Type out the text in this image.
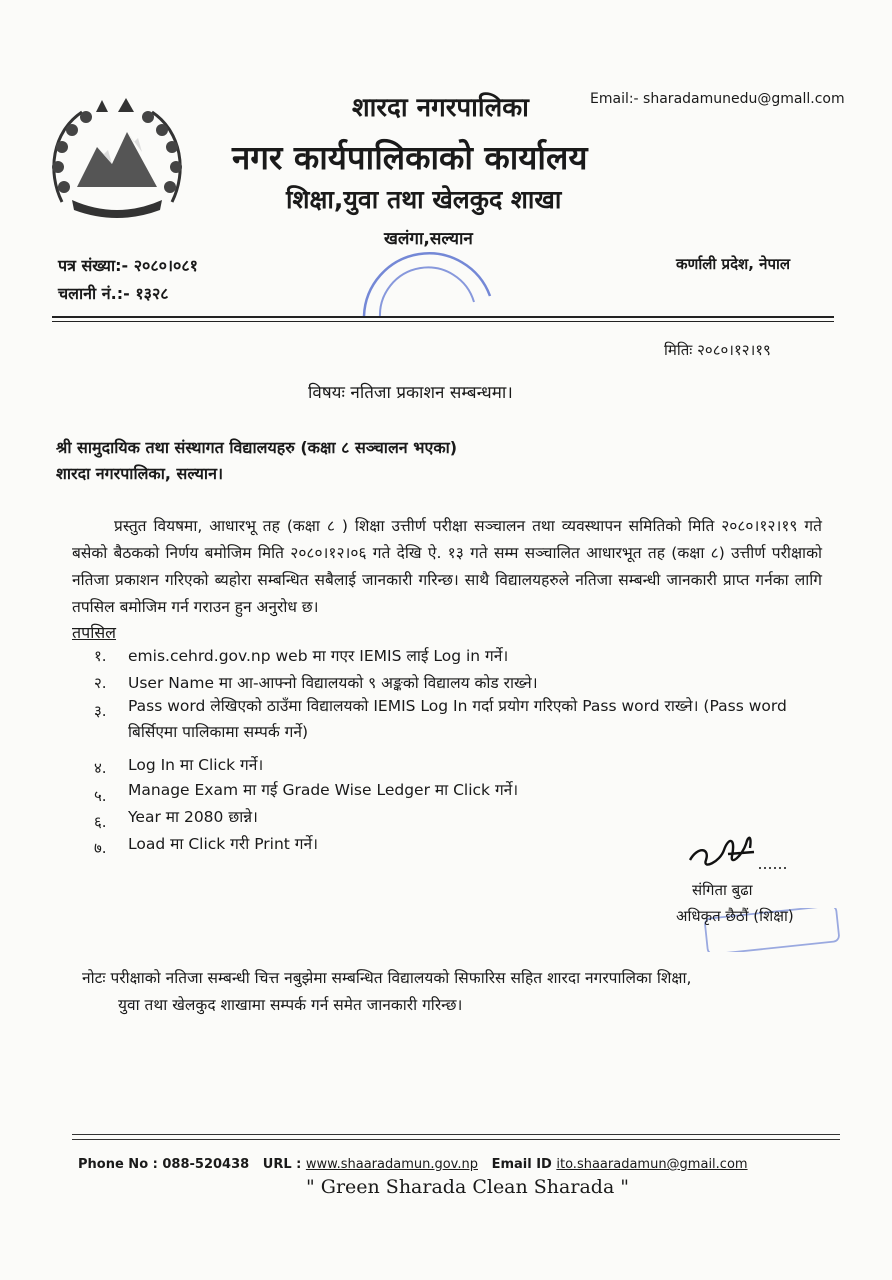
शारदा नगरपालिका	Email:- sharadamunedu@gmall.com
नगर कार्यपालिकाको कार्यालय
शिक्षा,युवा तथा खेलकुद शाखा
खलंगा,सल्यान
पत्र संख्या:- २०८०।०८१
चलानी नं.:- १३२८
कर्णाली प्रदेश, नेपाल
मितिः २०८०।१२।१९
विषयः नतिजा प्रकाशन सम्बन्धमा।
श्री सामुदायिक तथा संस्थागत विद्यालयहरु (कक्षा ८ सञ्चालन भएका)
शारदा नगरपालिका, सल्यान।
प्रस्तुत वियषमा, आधारभू तह (कक्षा ८ ) शिक्षा उत्तीर्ण परीक्षा सञ्चालन तथा व्यवस्थापन समितिको मिति २०८०।१२।१९ गते बसेको बैठकको निर्णय बमोजिम मिति २०८०।१२।०६ गते देखि ऐ. १३ गते सम्म सञ्चालित आधारभूत तह (कक्षा ८) उत्तीर्ण परीक्षाको नतिजा प्रकाशन गरिएको ब्यहोरा सम्बन्धित सबैलाई जानकारी गरिन्छ। साथै विद्यालयहरुले नतिजा सम्बन्धी जानकारी प्राप्त गर्नका लागि तपसिल बमोजिम गर्न गराउन हुन अनुरोध छ।
तपसिल
१. emis.cehrd.gov.np web मा गएर IEMIS लाई Log in गर्ने।
२. User Name मा आ-आफ्नो विद्यालयको ९ अङ्कको विद्यालय कोड राख्ने।
३. Pass word लेखिएको ठाउँमा विद्यालयको IEMIS Log In गर्दा प्रयोग गरिएको Pass word राख्ने। (Pass word बिर्सिएमा पालिकामा सम्पर्क गर्ने)
४. Log In मा Click गर्ने।
५. Manage Exam मा गई Grade Wise Ledger मा Click गर्ने।
६. Year मा 2080 छान्ने।
७. Load मा Click गरी Print गर्ने।
संगिता बुढा
अधिकृत छैठौं (शिक्षा)
नोटः परीक्षाको नतिजा सम्बन्धी चित्त नबुझेमा सम्बन्धित विद्यालयको सिफारिस सहित शारदा नगरपालिका शिक्षा,
युवा तथा खेलकुद शाखामा सम्पर्क गर्न समेत जानकारी गरिन्छ।
Phone No : 088-520438 URL : www.shaaradamun.gov.np Email ID ito.shaaradamun@gmail.com
" Green Sharada Clean Sharada "
